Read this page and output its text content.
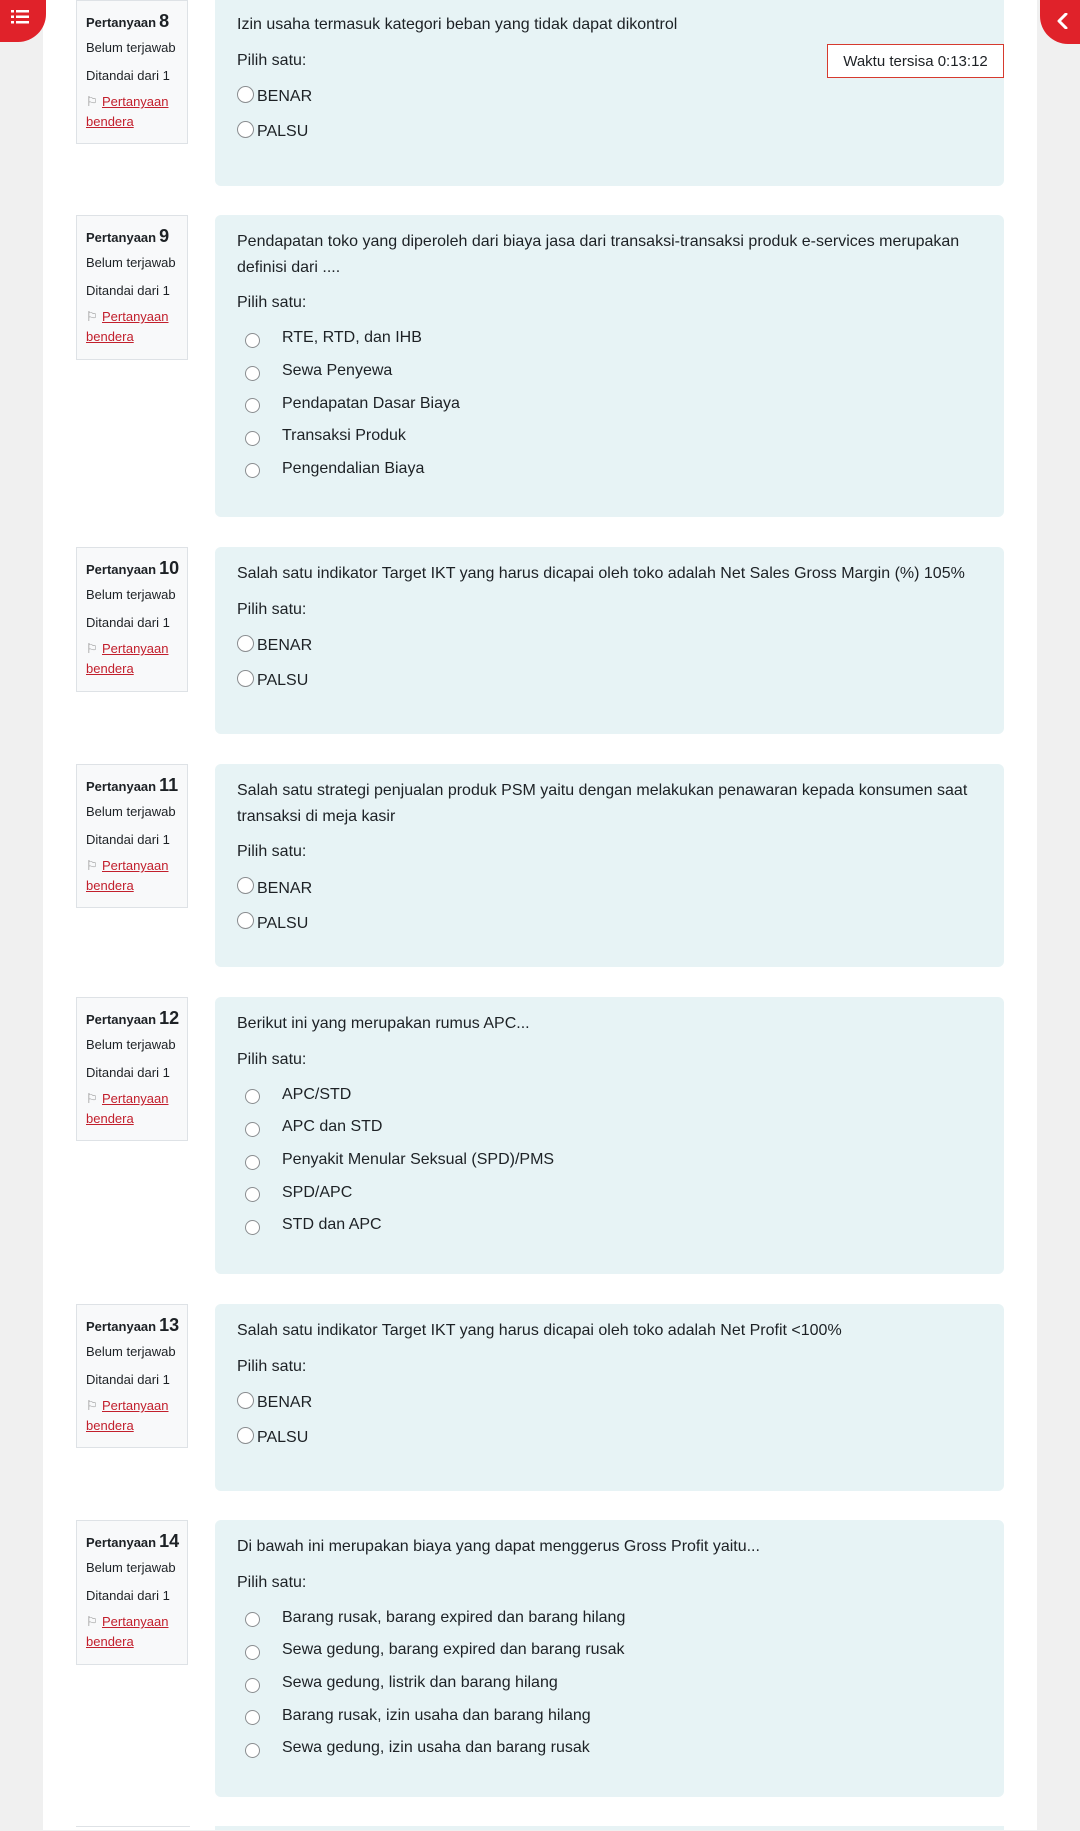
Pertanyaan 8
Belum terjawab
Ditandai dari 1
⚐ Pertanyaan bendera
Izin usaha termasuk kategori beban yang tidak dapat dikontrol
Pilih satu:
BENAR
PALSU
Waktu tersisa 0:13:12
Pertanyaan 9
Belum terjawab
Ditandai dari 1
⚐ Pertanyaan bendera
Pendapatan toko yang diperoleh dari biaya jasa dari transaksi-transaksi produk e-services merupakan definisi dari ....
Pilih satu:
RTE, RTD, dan IHB
Sewa Penyewa
Pendapatan Dasar Biaya
Transaksi Produk
Pengendalian Biaya
Pertanyaan 10
Belum terjawab
Ditandai dari 1
⚐ Pertanyaan bendera
Salah satu indikator Target IKT yang harus dicapai oleh toko adalah Net Sales Gross Margin (%) 105%
Pilih satu:
BENAR
PALSU
Pertanyaan 11
Belum terjawab
Ditandai dari 1
⚐ Pertanyaan bendera
Salah satu strategi penjualan produk PSM yaitu dengan melakukan penawaran kepada konsumen saat transaksi di meja kasir
Pilih satu:
BENAR
PALSU
Pertanyaan 12
Belum terjawab
Ditandai dari 1
⚐ Pertanyaan bendera
Berikut ini yang merupakan rumus APC...
Pilih satu:
APC/STD
APC dan STD
Penyakit Menular Seksual (SPD)/PMS
SPD/APC
STD dan APC
Pertanyaan 13
Belum terjawab
Ditandai dari 1
⚐ Pertanyaan bendera
Salah satu indikator Target IKT yang harus dicapai oleh toko adalah Net Profit <100%
Pilih satu:
BENAR
PALSU
Pertanyaan 14
Belum terjawab
Ditandai dari 1
⚐ Pertanyaan bendera
Di bawah ini merupakan biaya yang dapat menggerus Gross Profit yaitu...
Pilih satu:
Barang rusak, barang expired dan barang hilang
Sewa gedung, barang expired dan barang rusak
Sewa gedung, listrik dan barang hilang
Barang rusak, izin usaha dan barang hilang
Sewa gedung, izin usaha dan barang rusak
